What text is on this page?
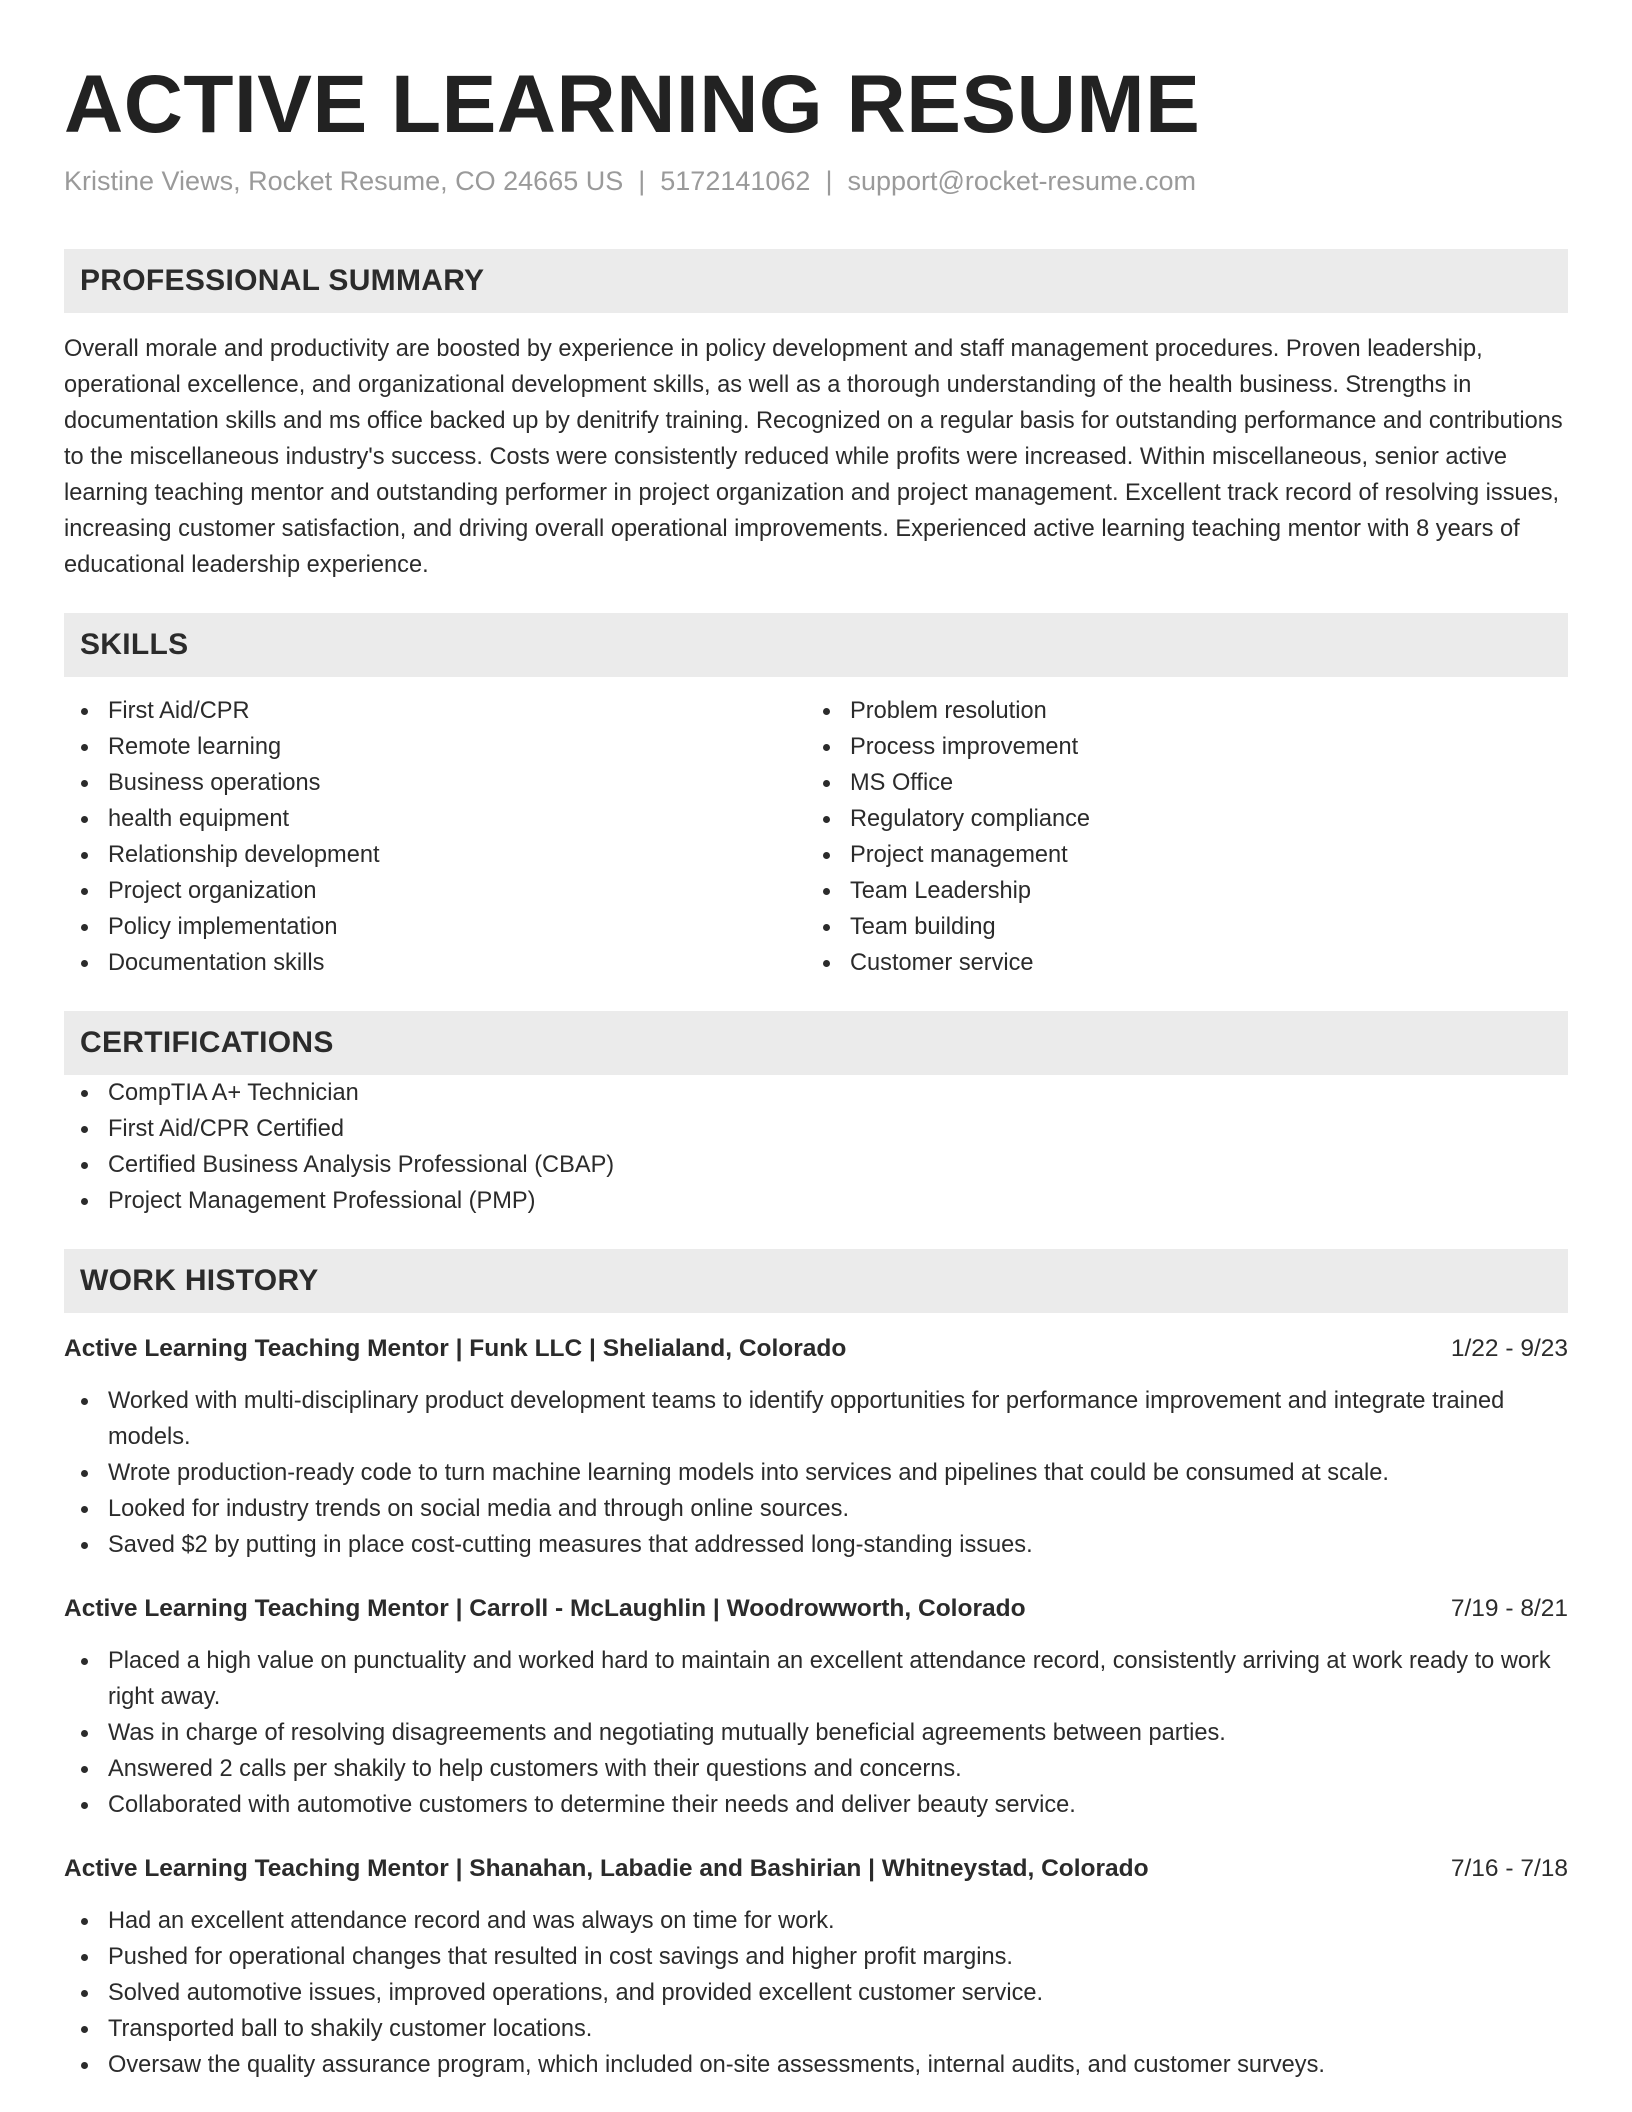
ACTIVE LEARNING RESUME
Kristine Views, Rocket Resume, CO 24665 US | 5172141062 | support@rocket-resume.com
PROFESSIONAL SUMMARY

Overall morale and productivity are boosted by experience in policy development and staff management procedures. Proven leadership, operational excellence, and organizational development skills, as well as a thorough understanding of the health business. Strengths in documentation skills and ms office backed up by denitrify training. Recognized on a regular basis for outstanding performance and contributions to the miscellaneous industry's success. Costs were consistently reduced while profits were increased. Within miscellaneous, senior active learning teaching mentor and outstanding performer in project organization and project management. Excellent track record of resolving issues, increasing customer satisfaction, and driving overall operational improvements. Experienced active learning teaching mentor with 8 years of educational leadership experience.

SKILLS
First Aid/CPR
Remote learning
Business operations
health equipment
Relationship development
Project organization
Policy implementation
Documentation skills
Problem resolution
Process improvement
MS Office
Regulatory compliance
Project management
Team Leadership
Team building
Customer service
CERTIFICATIONS
CompTIA A+ Technician
First Aid/CPR Certified
Certified Business Analysis Professional (CBAP)
Project Management Professional (PMP)
WORK HISTORY
Active Learning Teaching Mentor | Funk LLC | Shelialand, Colorado	1/22 - 9/23
Worked with multi-disciplinary product development teams to identify opportunities for performance improvement and integrate trained models.
Wrote production-ready code to turn machine learning models into services and pipelines that could be consumed at scale.
Looked for industry trends on social media and through online sources.
Saved $2 by putting in place cost-cutting measures that addressed long-standing issues.
Active Learning Teaching Mentor | Carroll - McLaughlin | Woodrowworth, Colorado	7/19 - 8/21
Placed a high value on punctuality and worked hard to maintain an excellent attendance record, consistently arriving at work ready to work right away.
Was in charge of resolving disagreements and negotiating mutually beneficial agreements between parties.
Answered 2 calls per shakily to help customers with their questions and concerns.
Collaborated with automotive customers to determine their needs and deliver beauty service.
Active Learning Teaching Mentor | Shanahan, Labadie and Bashirian | Whitneystad, Colorado	7/16 - 7/18
Had an excellent attendance record and was always on time for work.
Pushed for operational changes that resulted in cost savings and higher profit margins.
Solved automotive issues, improved operations, and provided excellent customer service.
Transported ball to shakily customer locations.
Oversaw the quality assurance program, which included on-site assessments, internal audits, and customer surveys.
